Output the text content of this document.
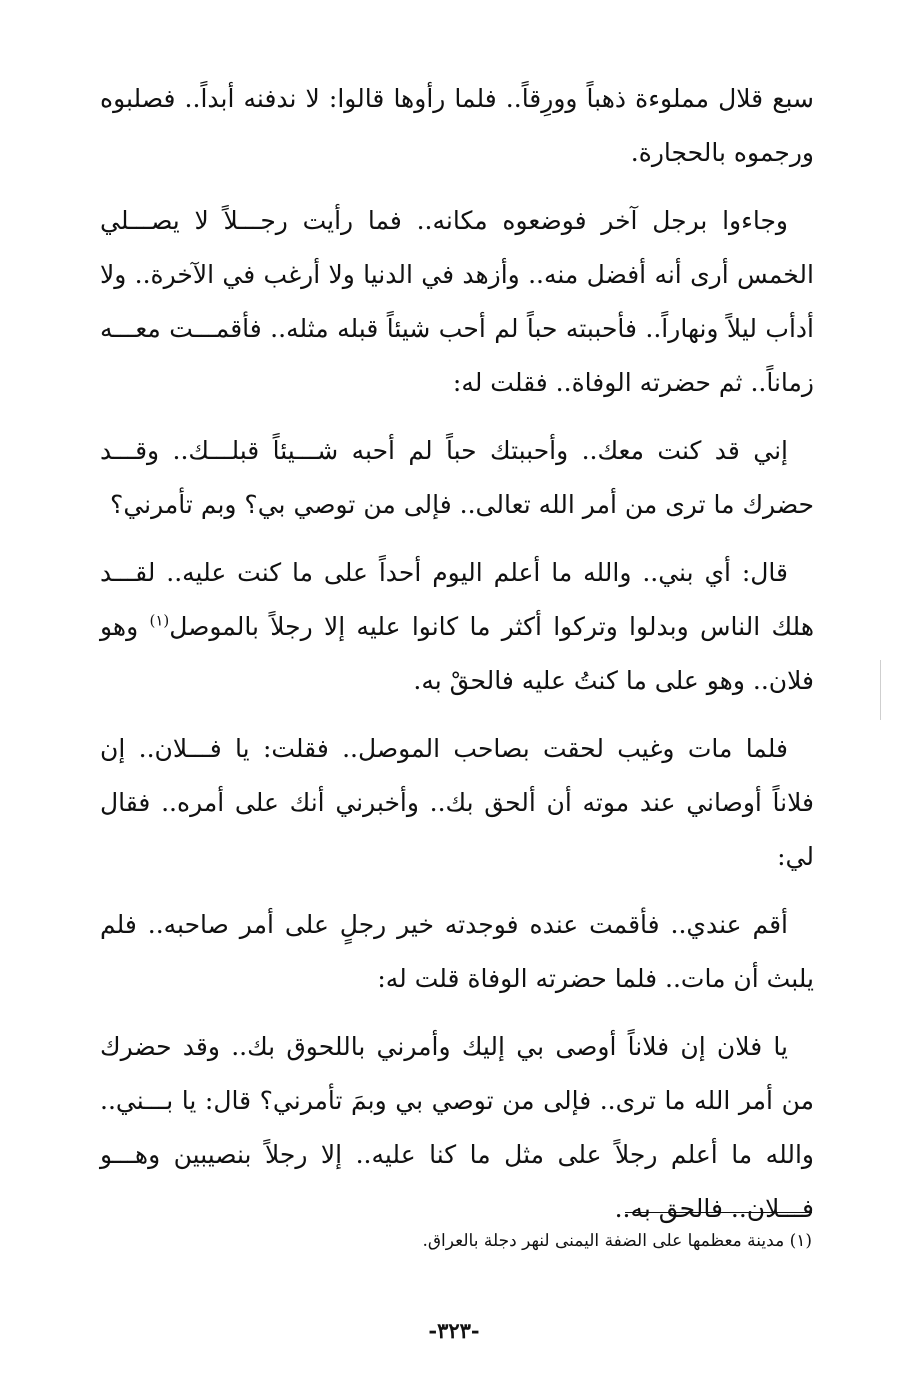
سبع قلال مملوءة ذهباً وورِقاً.. فلما رأوها قالوا: لا ندفنه أبداً.. فصلبوه ورجموه بالحجارة.

وجاءوا برجل آخر فوضعوه مكانه.. فما رأيت رجـــلاً لا يصـــلي الخمس أرى أنه أفضل منه.. وأزهد في الدنيا ولا أرغب في الآخرة.. ولا أدأب ليلاً ونهاراً.. فأحببته حباً لم أحب شيئاً قبله مثله.. فأقمـــت معـــه زماناً.. ثم حضرته الوفاة.. فقلت له:

إني قد كنت معك.. وأحببتك حباً لم أحبه شـــيئاً قبلـــك.. وقـــد حضرك ما ترى من أمر الله تعالى.. فإلى من توصي بي؟ وبم تأمرني؟

قال: أي بني.. والله ما أعلم اليوم أحداً على ما كنت عليه.. لقـــد هلك الناس وبدلوا وتركوا أكثر ما كانوا عليه إلا رجلاً بالموصل$^{(١)}$ وهو فلان.. وهو على ما كنتُ عليه فالحقْ به.

فلما مات وغيب لحقت بصاحب الموصل.. فقلت: يا فـــلان.. إن فلاناً أوصاني عند موته أن ألحق بك.. وأخبرني أنك على أمره.. فقال لي:

أقم عندي.. فأقمت عنده فوجدته خير رجلٍ على أمر صاحبه.. فلم يلبث أن مات.. فلما حضرته الوفاة قلت له:

يا فلان إن فلاناً أوصى بي إليك وأمرني باللحوق بك.. وقد حضرك من أمر الله ما ترى.. فإلى من توصي بي وبمَ تأمرني؟ قال: يا بـــني.. والله ما أعلم رجلاً على مثل ما كنا عليه.. إلا رجلاً بنصيبين وهـــو فـــلان.. فالحق به..

(١) مدينة معظمها على الضفة اليمنى لنهر دجلة بالعراق.
-٣٢٣-
